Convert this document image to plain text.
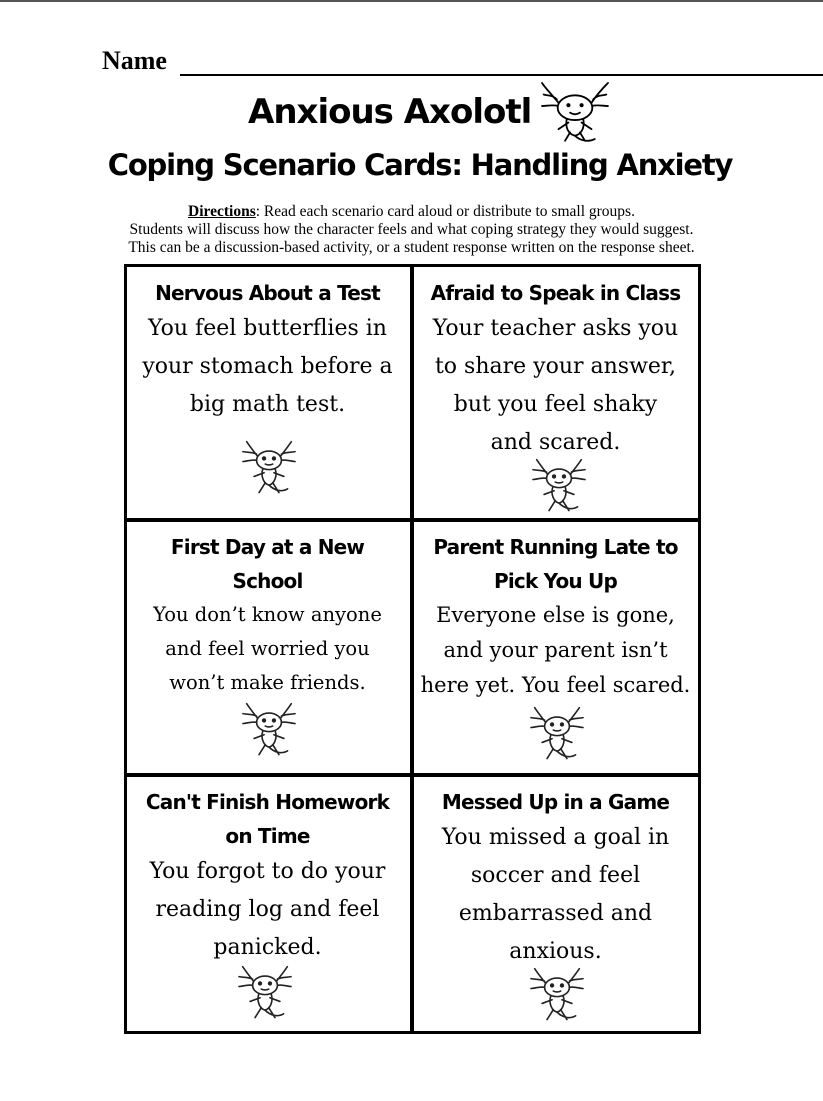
Name
Anxious Axolotl
Coping Scenario Cards: Handling Anxiety
Directions: Read each scenario card aloud or distribute to small groups.
Students will discuss how the character feels and what coping strategy they would suggest.
This can be a discussion-based activity, or a student response written on the response sheet.
Nervous About a Test
You feel butterflies in
your stomach before a
big math test.
Afraid to Speak in Class
Your teacher asks you
to share your answer,
but you feel shaky
and scared.
First Day at a New
School
You don’t know anyone
and feel worried you
won’t make friends.
Parent Running Late to
Pick You Up
Everyone else is gone,
and your parent isn’t
here yet. You feel scared.
Can't Finish Homework
on Time
You forgot to do your
reading log and feel
panicked.
Messed Up in a Game
You missed a goal in
soccer and feel
embarrassed and
anxious.
